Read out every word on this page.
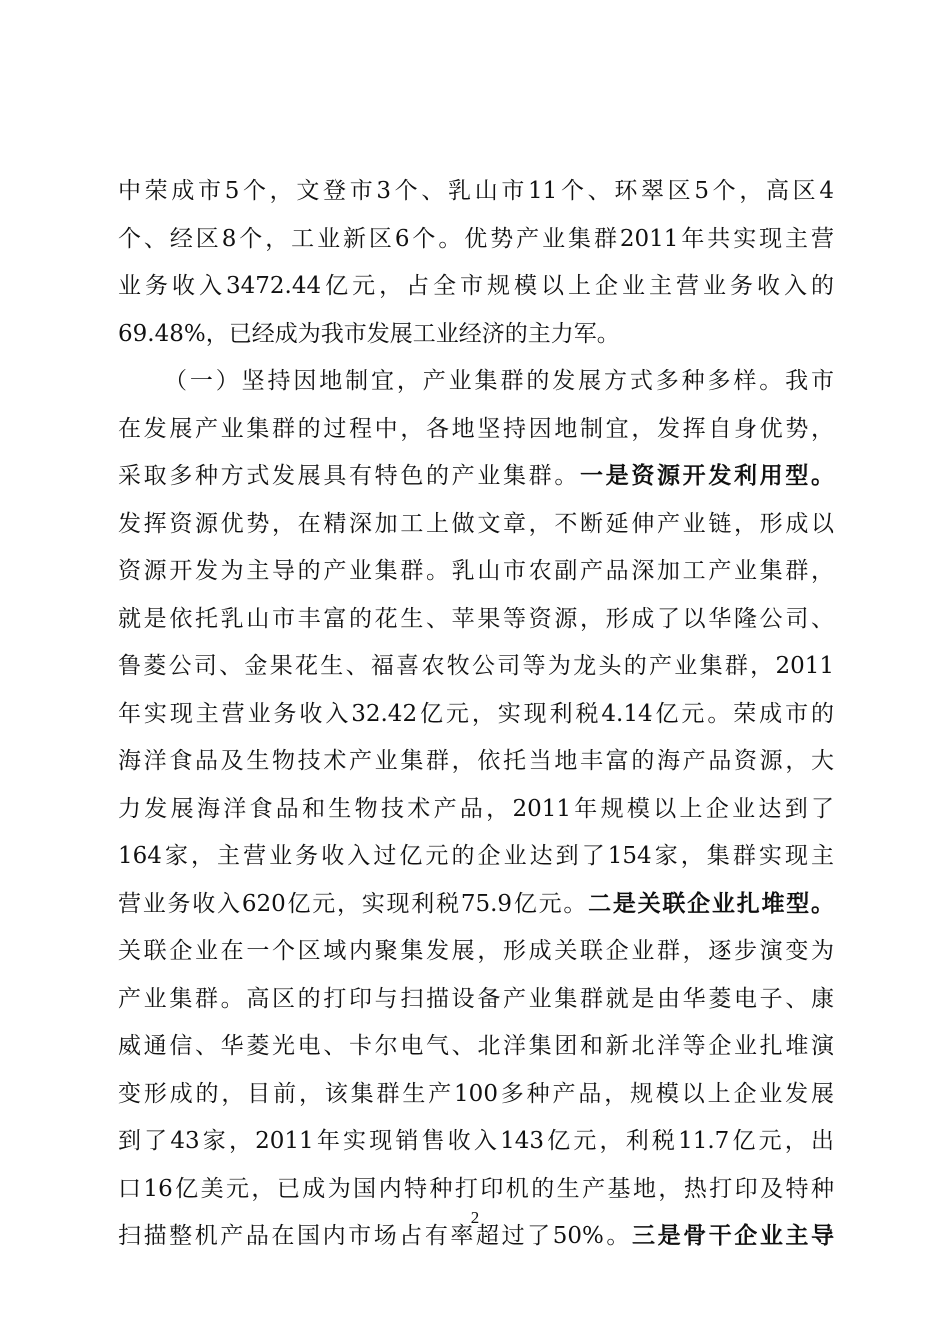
中荣成市5个，文登市3个、乳山市11个、环翠区5个，高区4
个、经区8个，工业新区6个。优势产业集群2011年共实现主营
业务收入3472.44亿元，占全市规模以上企业主营业务收入的
69.48%，已经成为我市发展工业经济的主力军。
（一）坚持因地制宜，产业集群的发展方式多种多样。我市
在发展产业集群的过程中，各地坚持因地制宜，发挥自身优势，
采取多种方式发展具有特色的产业集群。一是资源开发利用型。
发挥资源优势，在精深加工上做文章，不断延伸产业链，形成以
资源开发为主导的产业集群。乳山市农副产品深加工产业集群，
就是依托乳山市丰富的花生、苹果等资源，形成了以华隆公司、
鲁菱公司、金果花生、福喜农牧公司等为龙头的产业集群，2011
年实现主营业务收入32.42亿元，实现利税4.14亿元。荣成市的
海洋食品及生物技术产业集群，依托当地丰富的海产品资源，大
力发展海洋食品和生物技术产品，2011年规模以上企业达到了
164家，主营业务收入过亿元的企业达到了154家，集群实现主
营业务收入620亿元，实现利税75.9亿元。二是关联企业扎堆型。
关联企业在一个区域内聚集发展，形成关联企业群，逐步演变为
产业集群。高区的打印与扫描设备产业集群就是由华菱电子、康
威通信、华菱光电、卡尔电气、北洋集团和新北洋等企业扎堆演
变形成的，目前，该集群生产100多种产品，规模以上企业发展
到了43家，2011年实现销售收入143亿元，利税11.7亿元，出
口16亿美元，已成为国内特种打印机的生产基地，热打印及特种
扫描整机产品在国内市场占有率超过了50%。三是骨干企业主导
2
